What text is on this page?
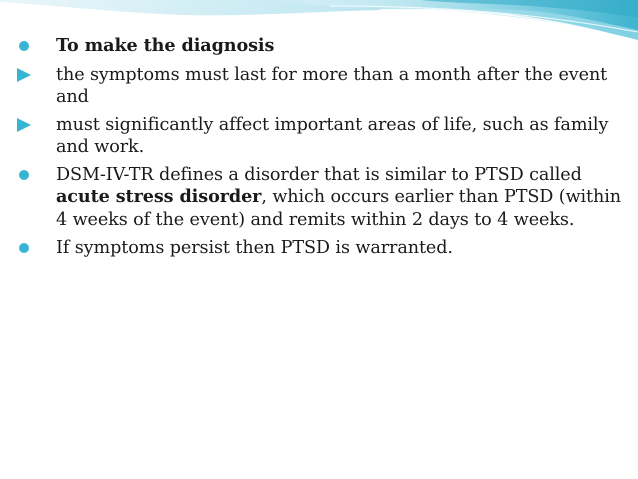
To make the diagnosis
the symptoms must last for more than a month after the event and
must significantly affect important areas of life, such as family and work.
DSM-IV-TR defines a disorder that is similar to PTSD called acute stress disorder, which occurs earlier than PTSD (within 4 weeks of the event) and remits within 2 days to 4 weeks.
If symptoms persist then PTSD is warranted.
